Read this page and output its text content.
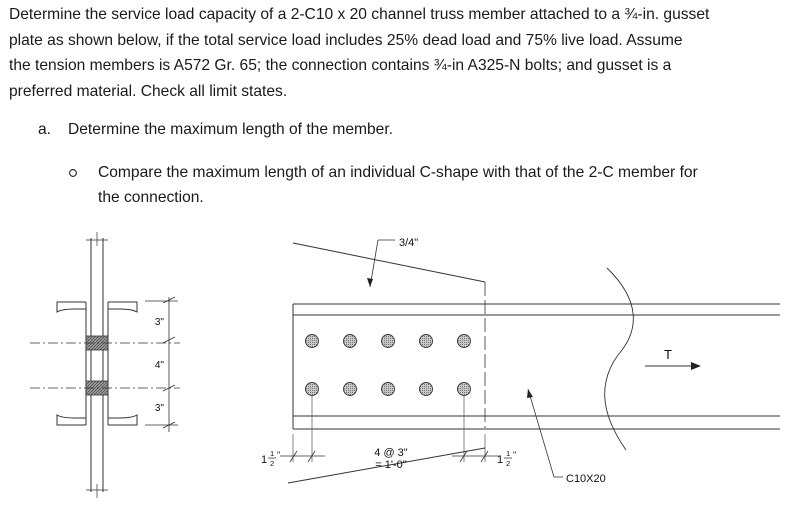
Determine the service load capacity of a 2-C10 x 20 channel truss member attached to a ¾-in. gusset

plate as shown below, if the total service load includes 25% dead load and 75% live load. Assume

the tension members is A572 Gr. 65; the connection contains ¾-in A325-N bolts; and gusset is a

preferred material. Check all limit states.

a. Determine the maximum length of the member.
Compare the maximum length of an individual C-shape with that of the 2-C member for
the connection.
3"
4"
3"
3/4"
4 @ 3"
= 1'-0"
1
1
2
"	1
1
2
"
C10X20
T
